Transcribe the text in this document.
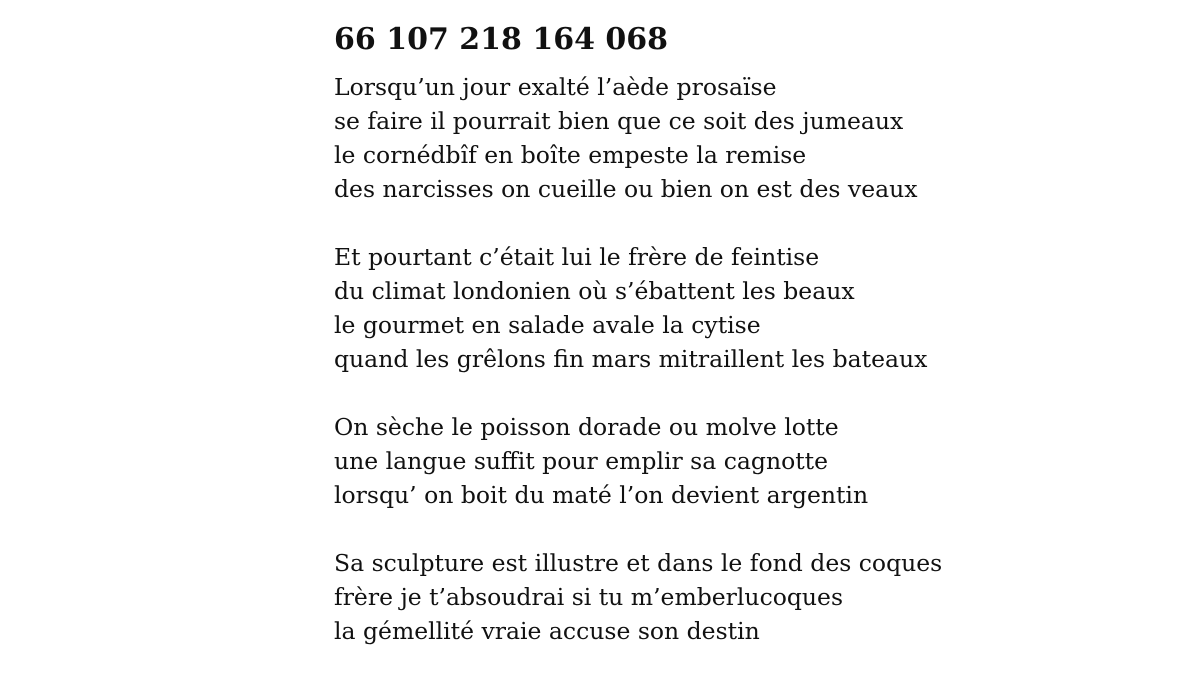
66 107 218 164 068
Lorsqu’un jour exalté l’aède prosaïse
se faire il pourrait bien que ce soit des jumeaux
le cornédbîf en boîte empeste la remise
des narcisses on cueille ou bien on est des veaux
Et pourtant c’était lui le frère de feintise
du climat londonien où s’ébattent les beaux
le gourmet en salade avale la cytise
quand les grêlons fin mars mitraillent les bateaux
On sèche le poisson dorade ou molve lotte
une langue suffit pour emplir sa cagnotte
lorsqu’ on boit du maté l’on devient argentin
Sa sculpture est illustre et dans le fond des coques
frère je t’absoudrai si tu m’emberlucoques
la gémellité vraie accuse son destin
